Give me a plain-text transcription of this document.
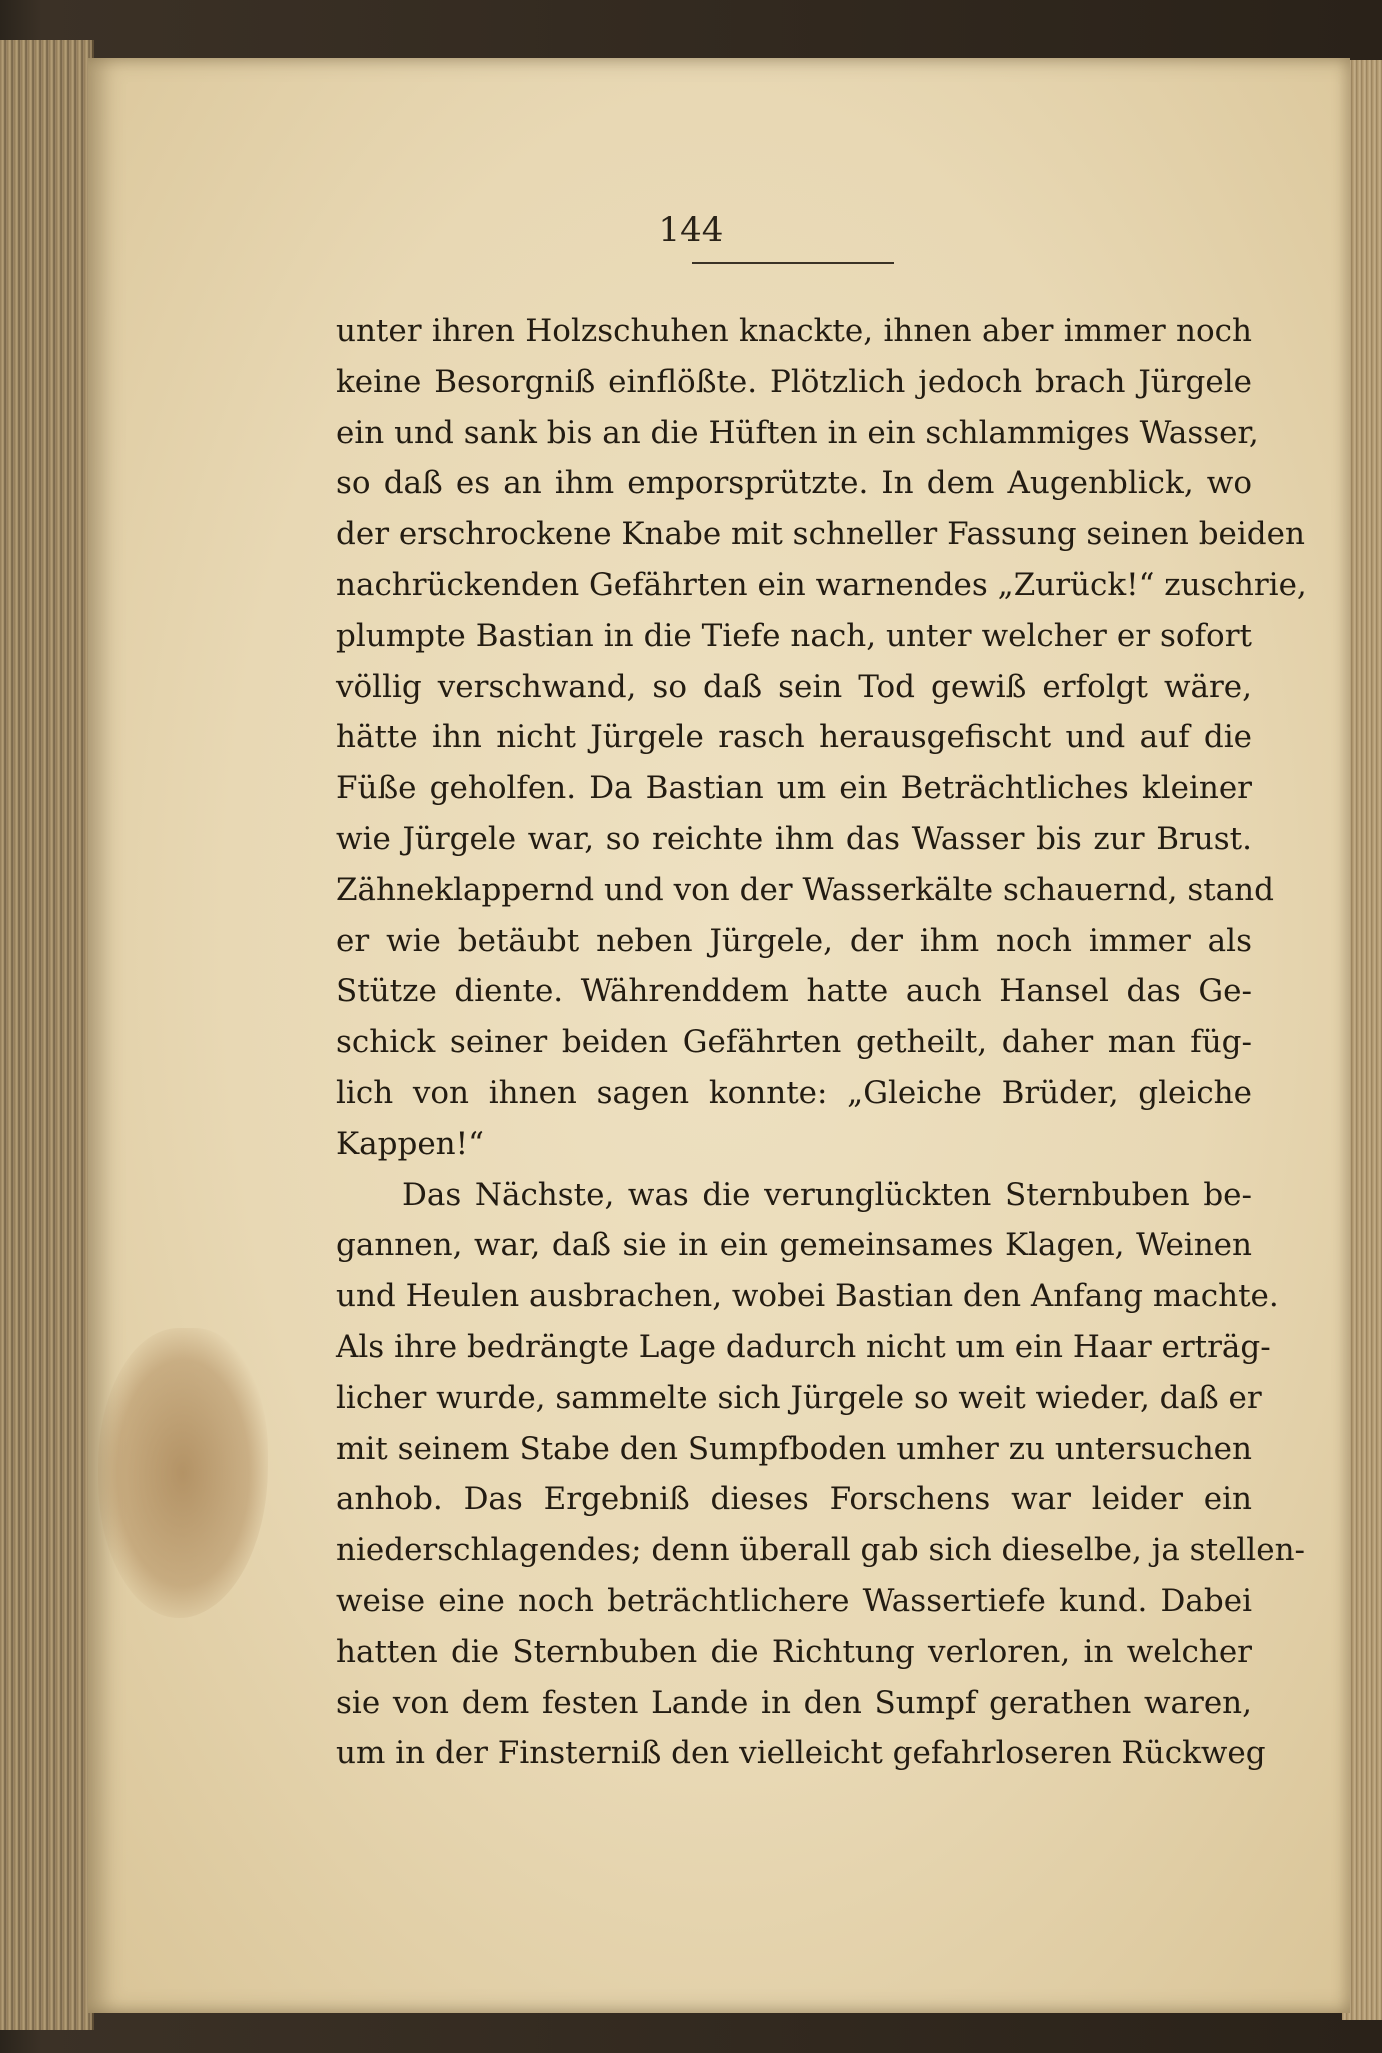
144

unter ihren Holzschuhen knackte, ihnen aber immer noch
keine Besorgniß einflößte. Plötzlich jedoch brach Jürgele
ein und sank bis an die Hüften in ein schlammiges Wasser,
so daß es an ihm emporsprützte. In dem Augenblick, wo
der erschrockene Knabe mit schneller Fassung seinen beiden
nachrückenden Gefährten ein warnendes „Zurück!“ zuschrie,
plumpte Bastian in die Tiefe nach, unter welcher er sofort
völlig verschwand, so daß sein Tod gewiß erfolgt wäre,
hätte ihn nicht Jürgele rasch herausgefischt und auf die
Füße geholfen. Da Bastian um ein Beträchtliches kleiner
wie Jürgele war, so reichte ihm das Wasser bis zur Brust.
Zähneklappernd und von der Wasserkälte schauernd, stand
er wie betäubt neben Jürgele, der ihm noch immer als
Stütze diente. Währenddem hatte auch Hansel das Ge-
schick seiner beiden Gefährten getheilt, daher man füg-
lich von ihnen sagen konnte: „Gleiche Brüder, gleiche
Kappen!“
Das Nächste, was die verunglückten Sternbuben be-
gannen, war, daß sie in ein gemeinsames Klagen, Weinen
und Heulen ausbrachen, wobei Bastian den Anfang machte.
Als ihre bedrängte Lage dadurch nicht um ein Haar erträg-
licher wurde, sammelte sich Jürgele so weit wieder, daß er
mit seinem Stabe den Sumpfboden umher zu untersuchen
anhob. Das Ergebniß dieses Forschens war leider ein
niederschlagendes; denn überall gab sich dieselbe, ja stellen-
weise eine noch beträchtlichere Wassertiefe kund. Dabei
hatten die Sternbuben die Richtung verloren, in welcher
sie von dem festen Lande in den Sumpf gerathen waren,
um in der Finsterniß den vielleicht gefahrloseren Rückweg
